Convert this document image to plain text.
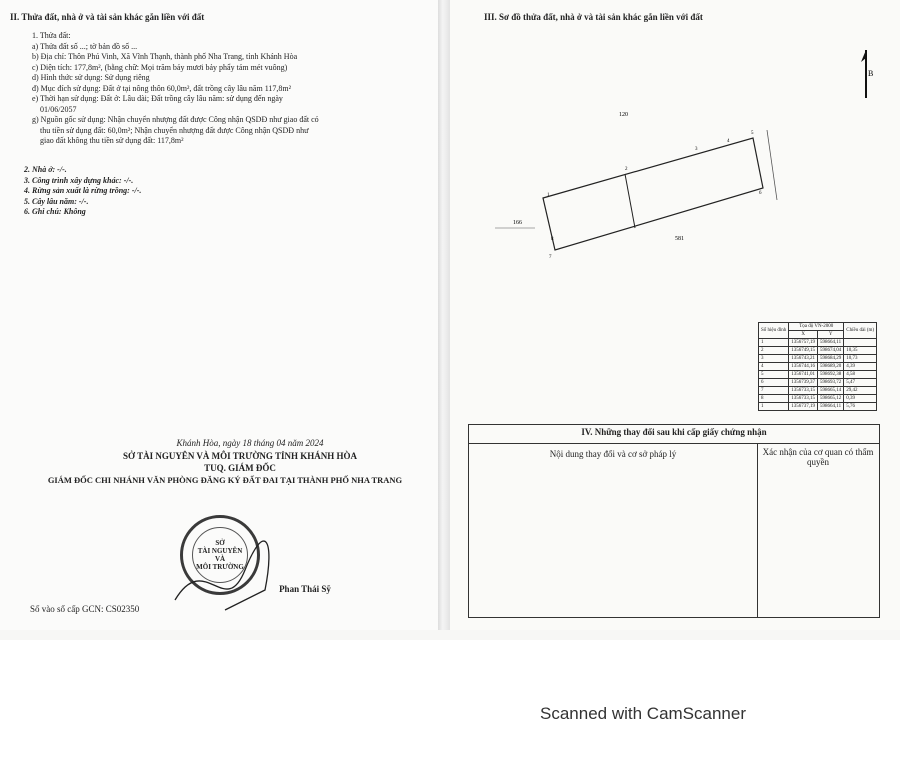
II. Thửa đất, nhà ở và tài sản khác gắn liền với đất
1. Thửa đất:
a) Thửa đất số ...; tờ bản đồ số ...
b) Địa chỉ: Thôn Phú Vinh, Xã Vĩnh Thạnh, thành phố Nha Trang, tỉnh Khánh Hòa
c) Diện tích: 177,8m², (bằng chữ: Mọi trăm bảy mươi bảy phẩy tám mét vuông)
d) Hình thức sử dụng: Sử dụng riêng
đ) Mục đích sử dụng: Đất ở tại nông thôn 60,0m², đất trồng cây lâu năm 117,8m²
e) Thời hạn sử dụng: Đất ở: Lâu dài; Đất trồng cây lâu năm: sử dụng đến ngày
01/06/2057
g) Nguồn gốc sử dụng: Nhận chuyển nhượng đất được Công nhận QSDĐ như giao đất có
thu tiền sử dụng đất: 60,0m²; Nhận chuyển nhượng đất được Công nhận QSDĐ như
giao đất không thu tiền sử dụng đất: 117,8m²
2. Nhà ở: -/-.
3. Công trình xây dựng khác: -/-.
4. Rừng sản xuất là rừng trồng: -/-.
5. Cây lâu năm: -/-.
6. Ghi chú: Không
Khánh Hòa, ngày 18 tháng 04 năm 2024
SỞ TÀI NGUYÊN VÀ MÔI TRƯỜNG TỈNH KHÁNH HÒA
TUQ. GIÁM ĐỐC
GIÁM ĐỐC CHI NHÁNH VĂN PHÒNG ĐĂNG KÝ ĐẤT ĐAI TẠI THÀNH PHỐ NHA TRANG
SỞ
TÀI NGUYÊN
VÀ
MÔI TRƯỜNG
Phan Thái Sỹ
Số vào sổ cấp GCN: CS02350
III. Sơ đồ thửa đất, nhà ở và tài sản khác gắn liền với đất
B
120
166
581
1
2
3
4
5
6
7
8
Số hiệu đỉnh	Tọa độ VN-2000		Chiều dài (m)
	X	Y	
1	1356757,19	598664,11	
2	1356749,15	598674,04	10,35
3	1356743,21	598684,29	10,73
4	1356744,16	598689,20	4,39
5	1356741,01	598692,38	4,58
6	1356739,37	598693,72	5,47
7	1356733,15	598665,14	29,42
8	1356733,15	598665,12	0,39
1	1356737,19	598664,11	5,76
IV. Những thay đổi sau khi cấp giấy chứng nhận
Nội dung thay đổi và cơ sở pháp lý	Xác nhận của cơ quan có thẩm quyền
Scanned with CamScanner
